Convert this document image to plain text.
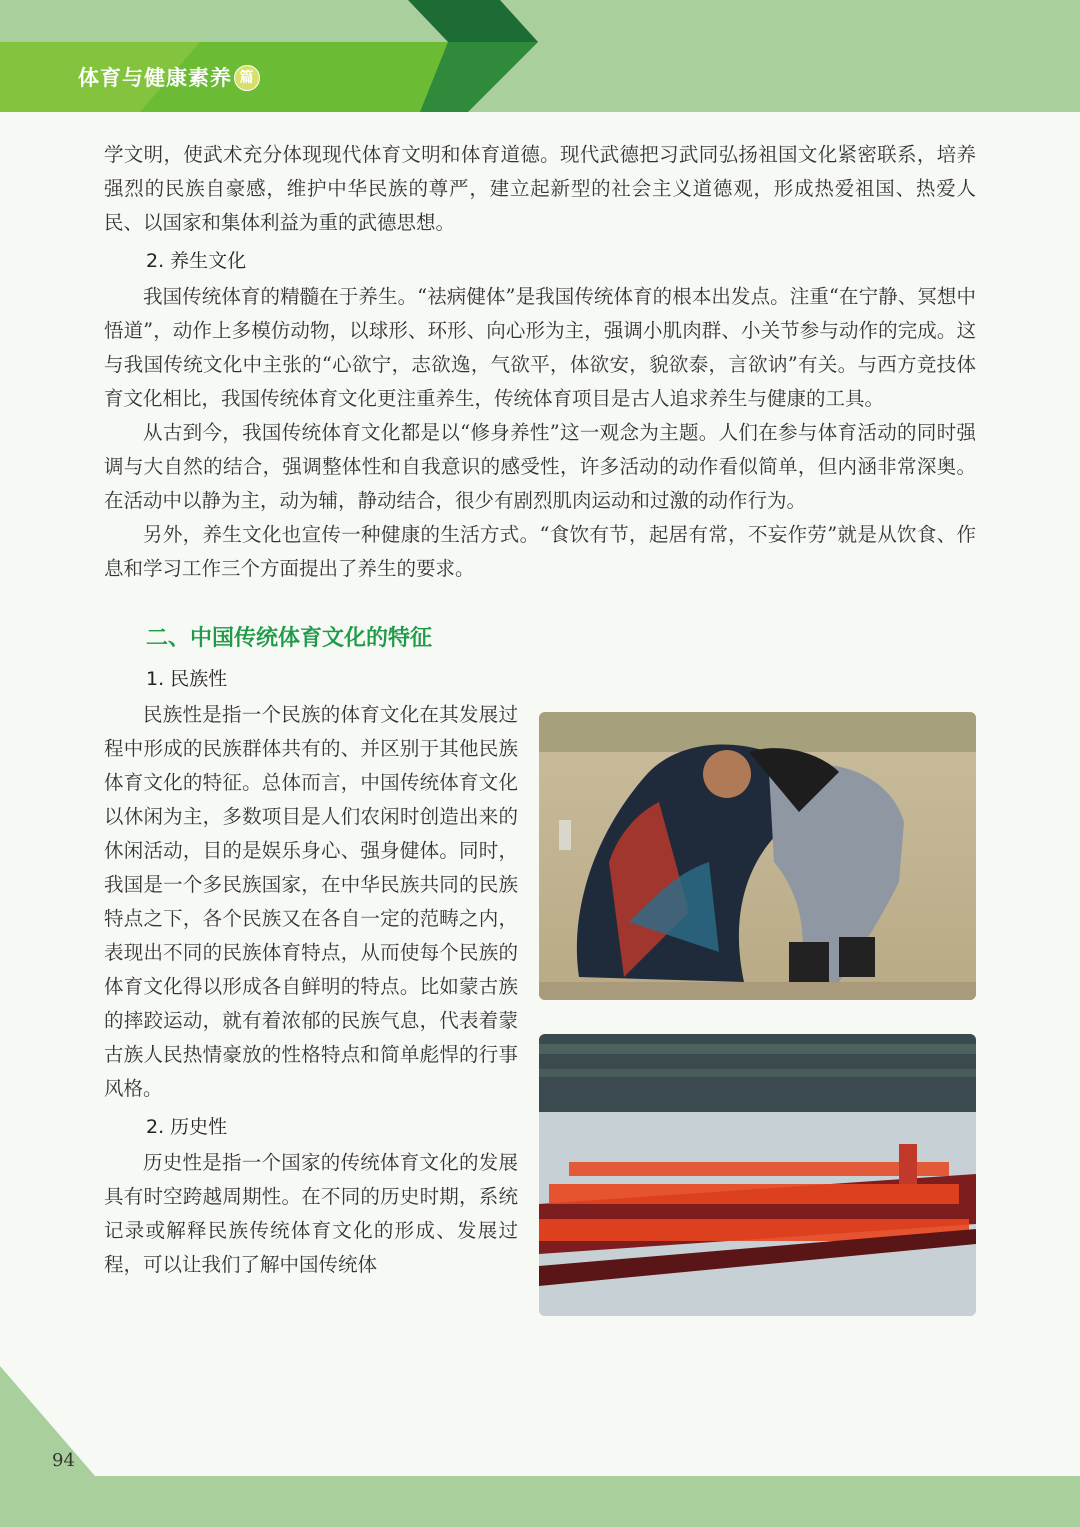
体育与健康素养 篇

学文明，使武术充分体现现代体育文明和体育道德。现代武德把习武同弘扬祖国文化紧密联系，培养强烈的民族自豪感，维护中华民族的尊严，建立起新型的社会主义道德观，形成热爱祖国、热爱人民、以国家和集体利益为重的武德思想。

2. 养生文化

我国传统体育的精髓在于养生。“祛病健体”是我国传统体育的根本出发点。注重“在宁静、冥想中悟道”，动作上多模仿动物，以球形、环形、向心形为主，强调小肌肉群、小关节参与动作的完成。这与我国传统文化中主张的“心欲宁，志欲逸，气欲平，体欲安，貌欲泰，言欲讷”有关。与西方竞技体育文化相比，我国传统体育文化更注重养生，传统体育项目是古人追求养生与健康的工具。

从古到今，我国传统体育文化都是以“修身养性”这一观念为主题。人们在参与体育活动的同时强调与大自然的结合，强调整体性和自我意识的感受性，许多活动的动作看似简单，但内涵非常深奥。在活动中以静为主，动为辅，静动结合，很少有剧烈肌肉运动和过激的动作行为。

另外，养生文化也宣传一种健康的生活方式。“食饮有节，起居有常，不妄作劳”就是从饮食、作息和学习工作三个方面提出了养生的要求。

二、中国传统体育文化的特征
1. 民族性

民族性是指一个民族的体育文化在其发展过程中形成的民族群体共有的、并区别于其他民族体育文化的特征。总体而言，中国传统体育文化以休闲为主，多数项目是人们农闲时创造出来的休闲活动，目的是娱乐身心、强身健体。同时，我国是一个多民族国家，在中华民族共同的民族特点之下，各个民族又在各自一定的范畴之内，表现出不同的民族体育特点，从而使每个民族的体育文化得以形成各自鲜明的特点。比如蒙古族的摔跤运动，就有着浓郁的民族气息，代表着蒙古族人民热情豪放的性格特点和简单彪悍的行事风格。

2. 历史性

历史性是指一个国家的传统体育文化的发展具有时空跨越周期性。在不同的历史时期，系统记录或解释民族传统体育文化的形成、发展过程，可以让我们了解中国传统体

94
